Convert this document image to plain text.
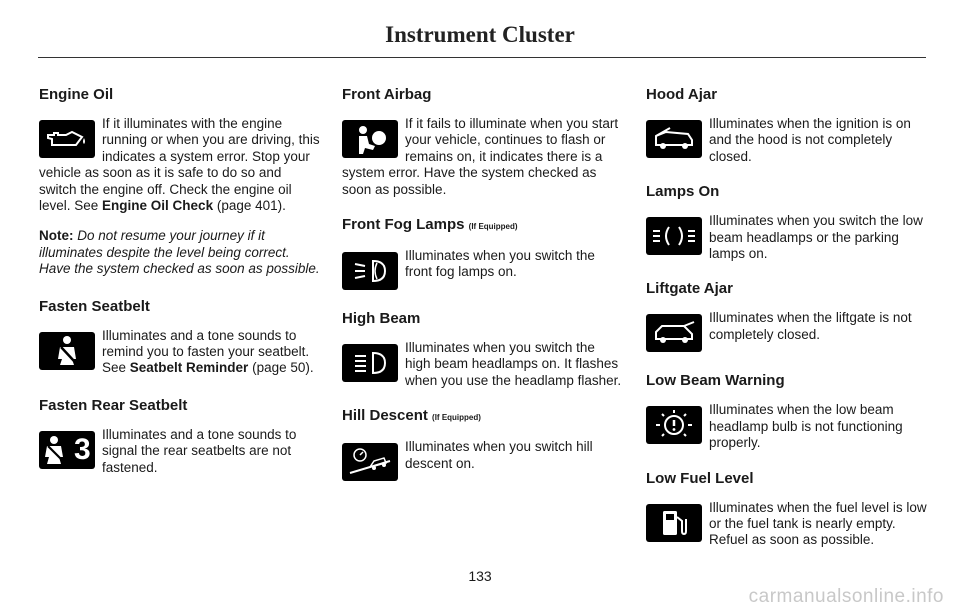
Instrument Cluster
Engine Oil
If it illuminates with the engine running or when you are driving, this indicates a system error. Stop your vehicle as soon as it is safe to do so and switch the engine off. Check the engine oil level. See Engine Oil Check (page 401).
Note: Do not resume your journey if it illuminates despite the level being correct. Have the system checked as soon as possible.
Fasten Seatbelt
Illuminates and a tone sounds to remind you to fasten your seatbelt. See Seatbelt Reminder (page 50).
Fasten Rear Seatbelt
3 Illuminates and a tone sounds to signal the rear seatbelts are not fastened.
Front Airbag
If it fails to illuminate when you start your vehicle, continues to flash or remains on, it indicates there is a system error. Have the system checked as soon as possible.
Front Fog Lamps (If Equipped)
Illuminates when you switch the front fog lamps on.
High Beam
Illuminates when you switch the high beam headlamps on. It flashes when you use the headlamp flasher.
Hill Descent (If Equipped)
Illuminates when you switch hill descent on.
Hood Ajar
Illuminates when the ignition is on and the hood is not completely closed.
Lamps On
Illuminates when you switch the low beam headlamps or the parking lamps on.
Liftgate Ajar
Illuminates when the liftgate is not completely closed.
Low Beam Warning
Illuminates when the low beam headlamp bulb is not functioning properly.
Low Fuel Level
Illuminates when the fuel level is low or the fuel tank is nearly empty. Refuel as soon as possible.
133
carmanualsonline.info
